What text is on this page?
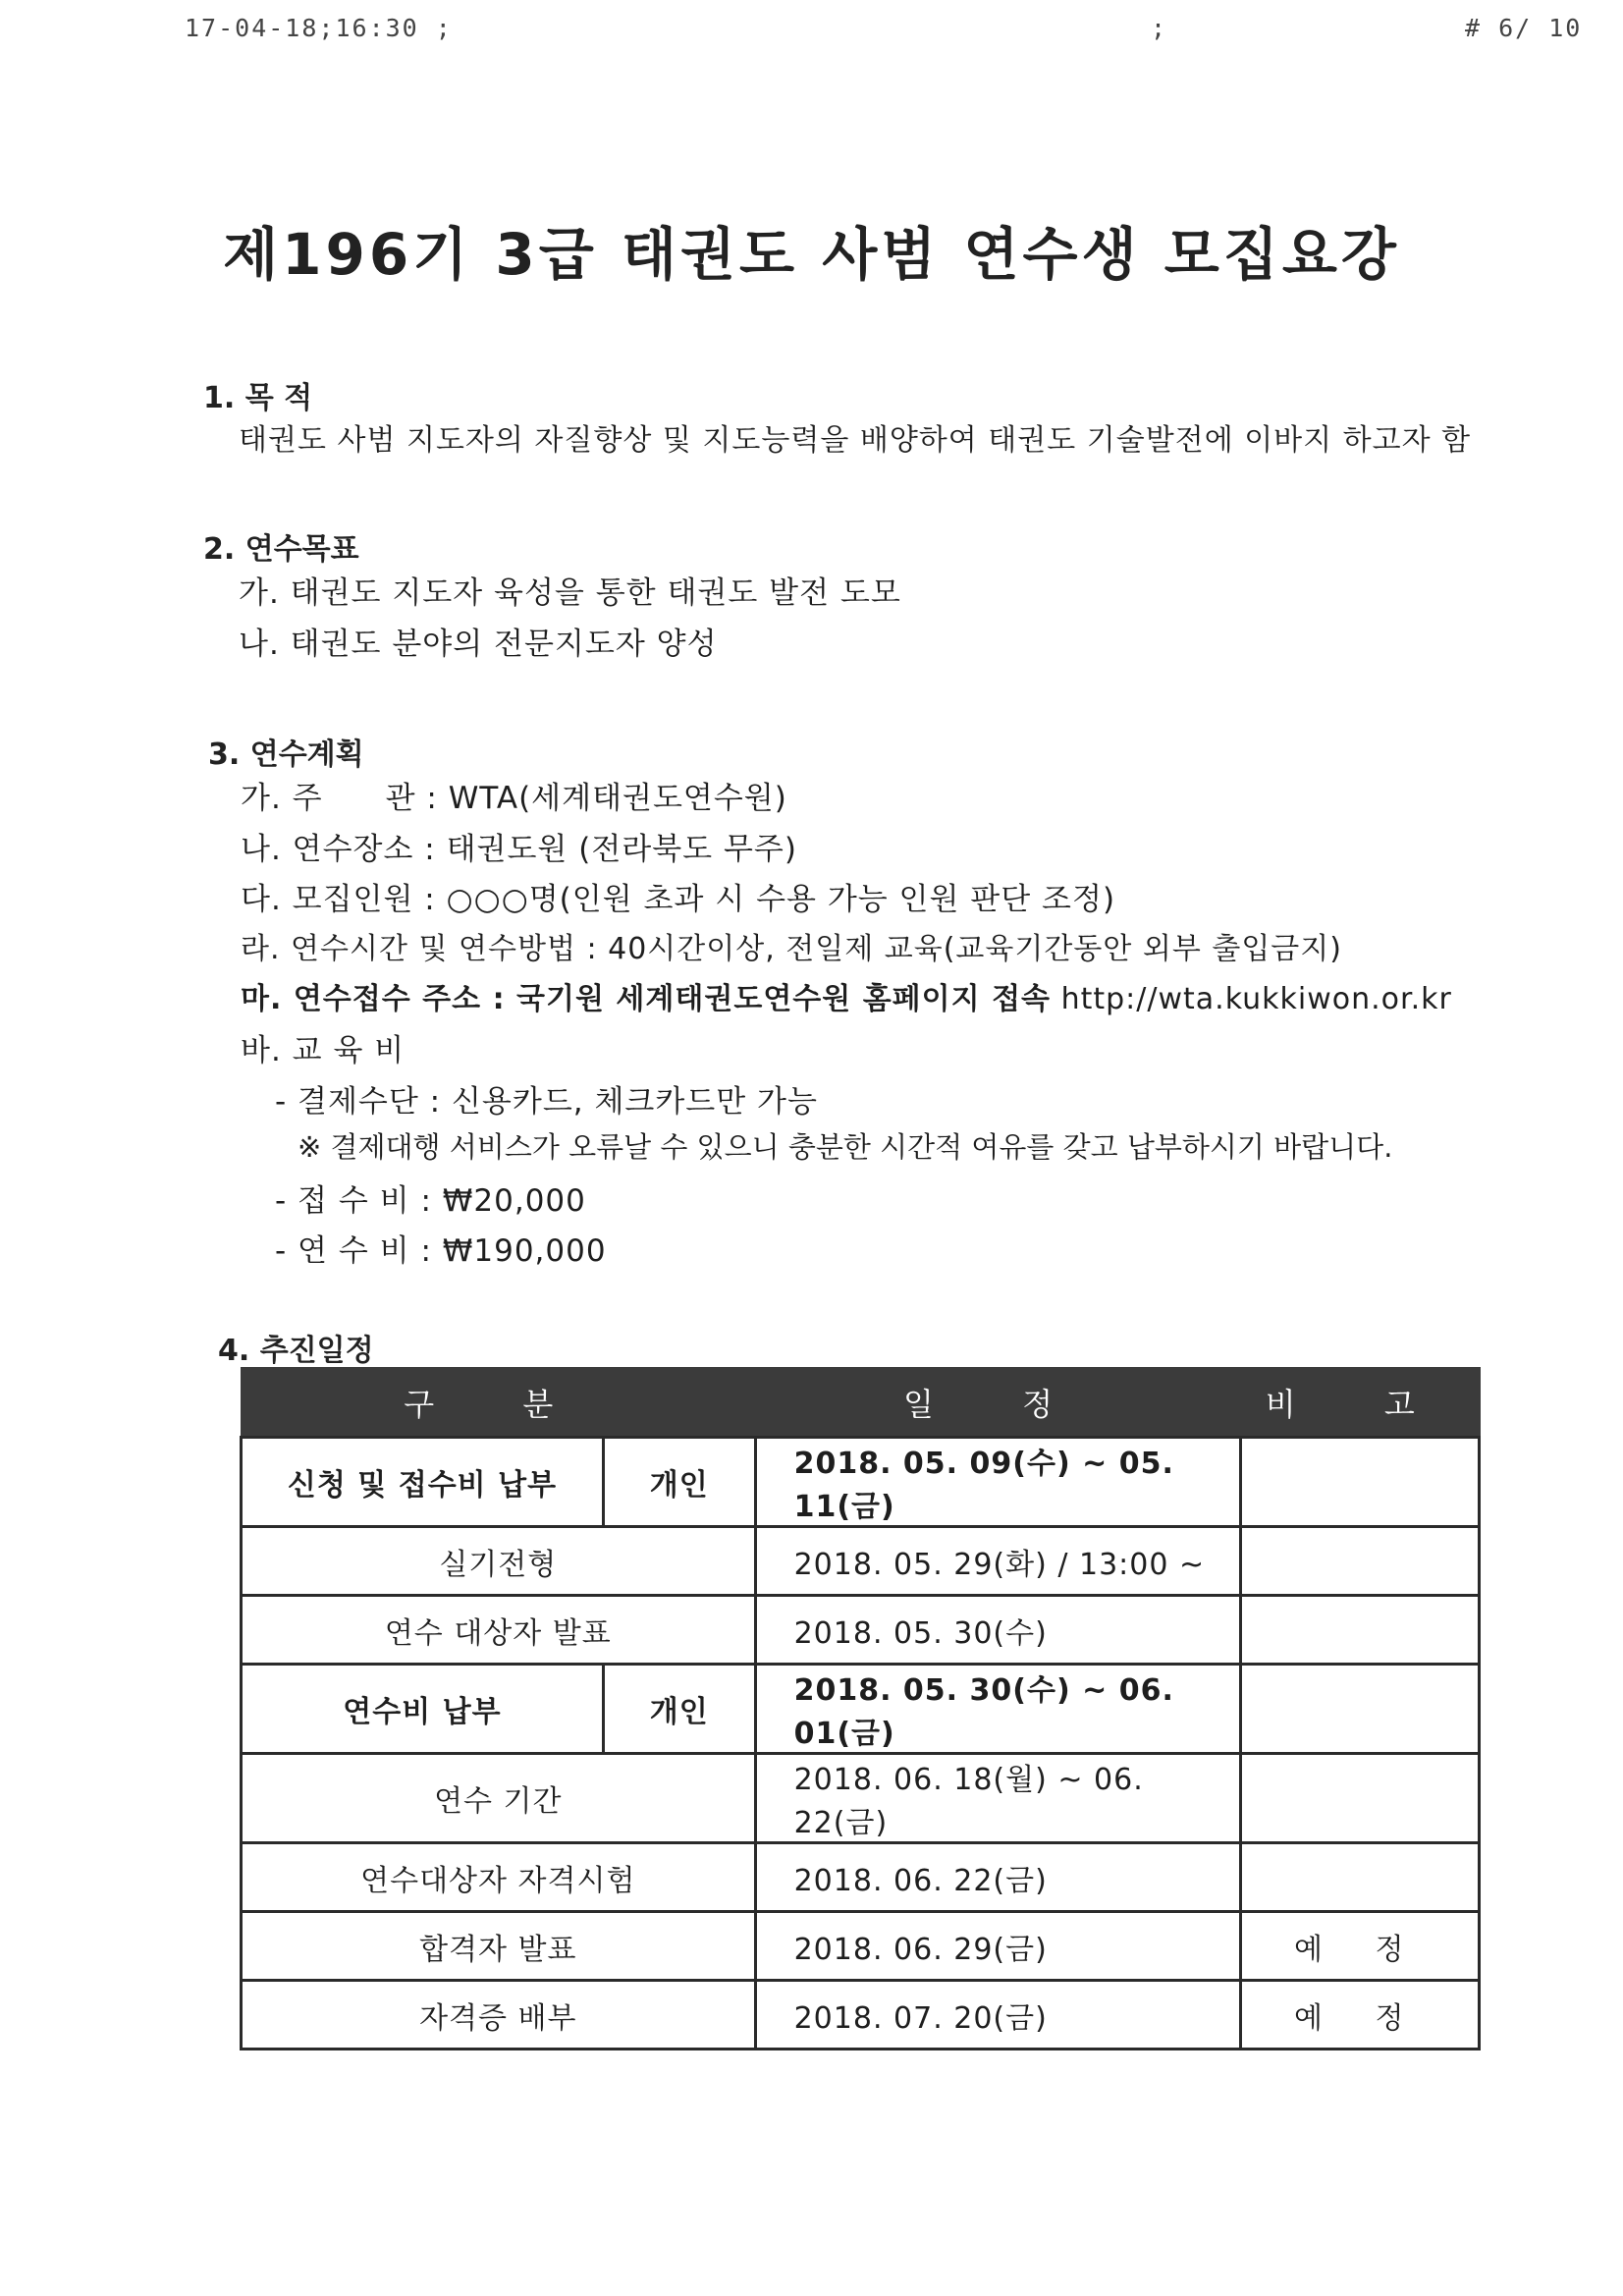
17-04-18;16:30 ;	;	# 6/ 10
제196기 3급 태권도 사범 연수생 모집요강
1. 목 적
태권도 사범 지도자의 자질향상 및 지도능력을 배양하여 태권도 기술발전에 이바지 하고자 함
2. 연수목표
가. 태권도 지도자 육성을 통한 태권도 발전 도모
나. 태권도 분야의 전문지도자 양성
3. 연수계획
가. 주　　관 : WTA(세계태권도연수원)
나. 연수장소 : 태권도원 (전라북도 무주)
다. 모집인원 : ○○○명(인원 초과 시 수용 가능 인원 판단 조정)
라. 연수시간 및 연수방법 : 40시간이상, 전일제 교육(교육기간동안 외부 출입금지)
마. 연수접수 주소 : 국기원 세계태권도연수원 홈페이지 접속 http://wta.kukkiwon.or.kr
바. 교 육 비
- 결제수단 : 신용카드, 체크카드만 가능
※ 결제대행 서비스가 오류날 수 있으니 충분한 시간적 여유를 갖고 납부하시기 바랍니다.
- 접 수 비 : ₩20,000
- 연 수 비 : ₩190,000
4. 추진일정
구 분		일 정	비 고
신청 및 접수비 납부	개인	2018. 05. 09(수) ~ 05. 11(금)	
실기전형		2018. 05. 29(화) / 13:00 ~	
연수 대상자 발표		2018. 05. 30(수)	
연수비 납부	개인	2018. 05. 30(수) ~ 06. 01(금)	
연수 기간		2018. 06. 18(월) ~ 06. 22(금)	
연수대상자 자격시험		2018. 06. 22(금)	
합격자 발표		2018. 06. 29(금)	예 정
자격증 배부		2018. 07. 20(금)	예 정
